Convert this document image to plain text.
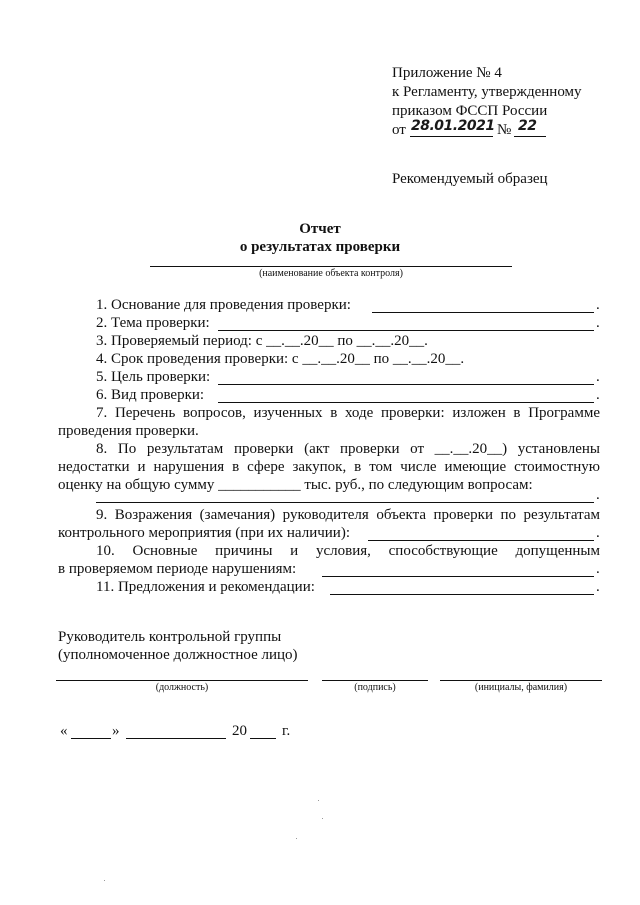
Приложение № 4
к Регламенту, утвержденному
приказом ФССП России
от 28.01.2021 № 22
Рекомендуемый образец
Отчет
о результатах проверки
(наименование объекта контроля)
1. Основание для проведения проверки:	.
2. Тема проверки:	.
3. Проверяемый период: с __.__.20__ по __.__.20__.
4. Срок проведения проверки: с __.__.20__ по __.__.20__.
5. Цель проверки:	.
6. Вид проверки:	.
7. Перечень вопросов, изученных в ходе проверки: изложен в Программе
проведения проверки.
8. По результатам проверки (акт проверки от __.__.20__) установлены
недостатки и нарушения в сфере закупок, в том числе имеющие стоимостную
оценку на общую сумму ___________ тыс. руб., по следующим вопросам:
.
9. Возражения (замечания) руководителя объекта проверки по результатам
контрольного мероприятия (при их наличии):	.
10. Основные причины и условия, способствующие допущенным
в проверяемом периоде нарушениям:	.
11. Предложения и рекомендации:	.
Руководитель контрольной группы
(уполномоченное должностное лицо)
(должность)	(подпись)	(инициалы, фамилия)
«	»	20 г.
